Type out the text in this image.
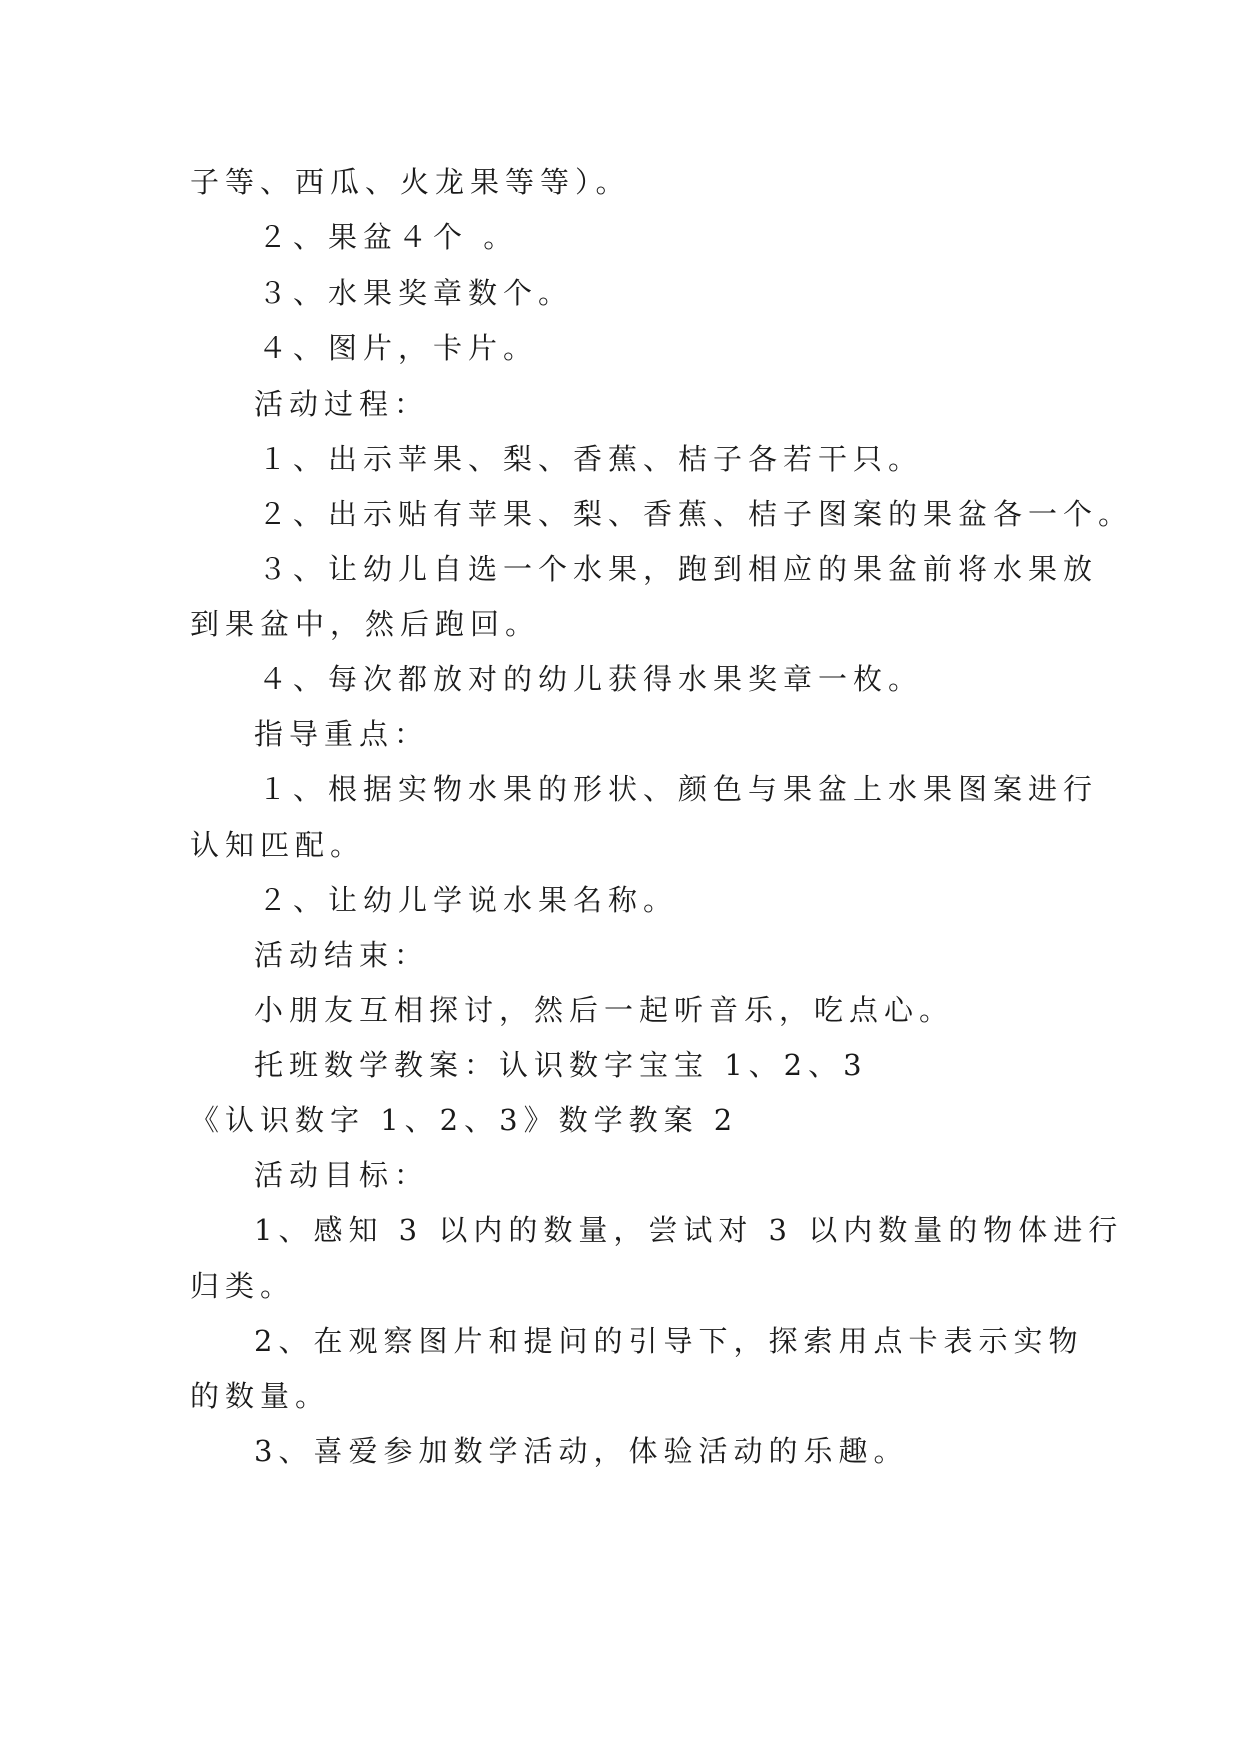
子等、西瓜、火龙果等等）。
２、果盆４个 。
３、水果奖章数个。
４、图片，卡片。
活动过程：
１、出示苹果、梨、香蕉、桔子各若干只。
２、出示贴有苹果、梨、香蕉、桔子图案的果盆各一个。
３、让幼儿自选一个水果，跑到相应的果盆前将水果放
到果盆中，然后跑回。
４、每次都放对的幼儿获得水果奖章一枚。
指导重点：
１、根据实物水果的形状、颜色与果盆上水果图案进行
认知匹配。
２、让幼儿学说水果名称。
活动结束：
小朋友互相探讨，然后一起听音乐，吃点心。
托班数学教案：认识数字宝宝 1、2、3
《认识数字 1、2、3》数学教案 2
活动目标：
1、感知 3 以内的数量，尝试对 3 以内数量的物体进行
归类。
2、在观察图片和提问的引导下，探索用点卡表示实物
的数量。
3、喜爱参加数学活动，体验活动的乐趣。
